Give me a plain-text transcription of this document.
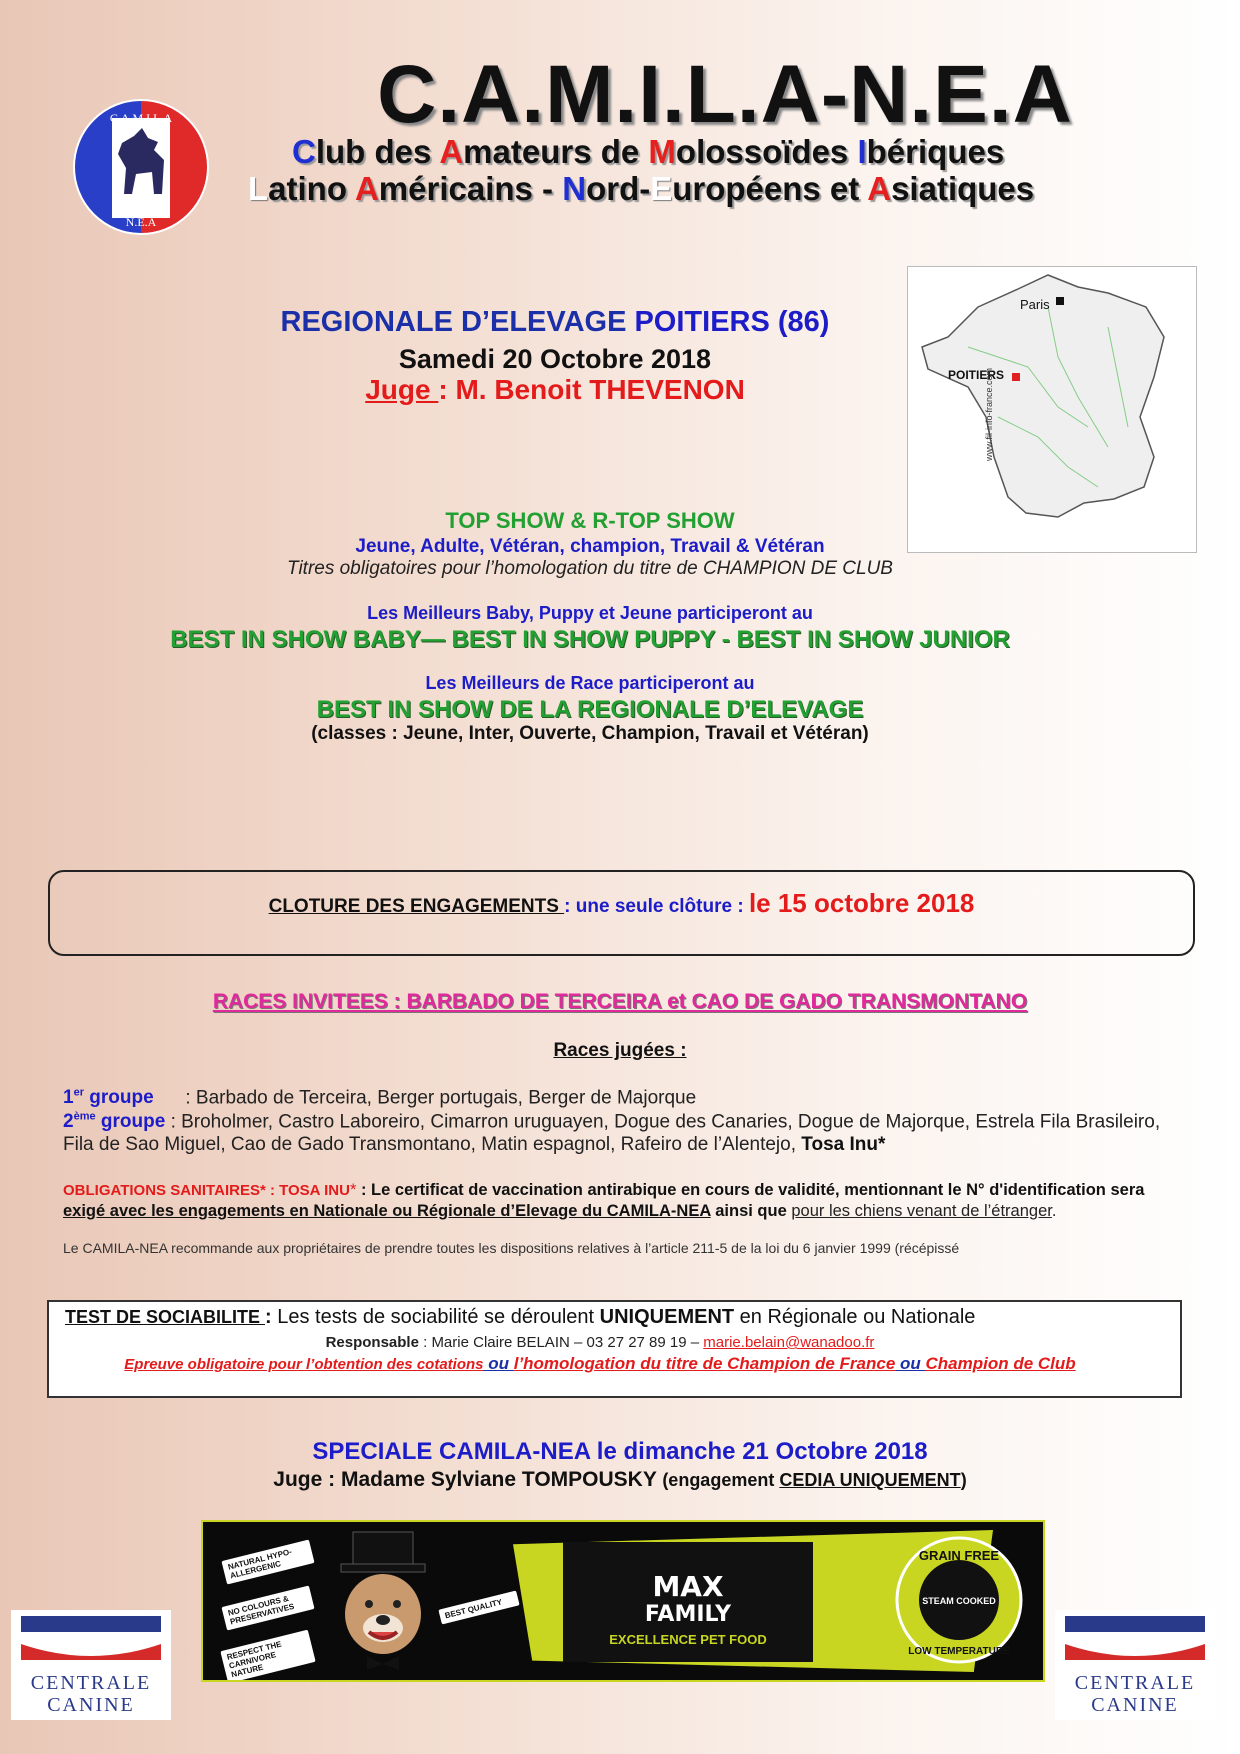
C.A.M.I.L.A
N.E.A
C.A.M.I.L.A-N.E.A
Club des Amateurs de Molossoïdes Ibériques
Latino Américains - Nord-Européens et Asiatiques
Paris
POITIERS
www.fil-info-france.com
REGIONALE D’ELEVAGE POITIERS (86)
Samedi 20 Octobre 2018
Juge : M. Benoit THEVENON
TOP SHOW & R-TOP SHOW
Jeune, Adulte, Vétéran, champion, Travail & Vétéran
Titres obligatoires pour l’homologation du titre de CHAMPION DE CLUB
Les Meilleurs Baby, Puppy et Jeune participeront au
BEST IN SHOW BABY— BEST IN SHOW PUPPY - BEST IN SHOW JUNIOR
Les Meilleurs de Race participeront au
BEST IN SHOW DE LA REGIONALE D’ELEVAGE
(classes : Jeune, Inter, Ouverte, Champion, Travail et Vétéran)
CLOTURE DES ENGAGEMENTS : une seule clôture : le 15 octobre 2018
RACES INVITEES : BARBADO DE TERCEIRA et CAO DE GADO TRANSMONTANO
Races jugées :
1er groupe : Barbado de Terceira, Berger portugais, Berger de Majorque
2ème groupe : Broholmer, Castro Laboreiro, Cimarron uruguayen, Dogue des Canaries, Dogue de Majorque, Estrela Fila Brasileiro, Fila de Sao Miguel, Cao de Gado Transmontano, Matin espagnol, Rafeiro de l’Alentejo, Tosa Inu*
OBLIGATIONS SANITAIRES* : TOSA INU* : Le certificat de vaccination antirabique en cours de validité, mentionnant le N° d'identification sera exigé avec les engagements en Nationale ou Régionale d’Elevage du CAMILA-NEA ainsi que pour les chiens venant de l’étranger.
Le CAMILA-NEA recommande aux propriétaires de prendre toutes les dispositions relatives à l’article 211-5 de la loi du 6 janvier 1999 (récépissé
TEST DE SOCIABILITE : Les tests de sociabilité se déroulent UNIQUEMENT en Régionale ou Nationale
Responsable : Marie Claire BELAIN – 03 27 27 89 19 – marie.belain@wanadoo.fr
Epreuve obligatoire pour l’obtention des cotations ou l’homologation du titre de Champion de France ou Champion de Club
SPECIALE CAMILA-NEA le dimanche 21 Octobre 2018
Juge : Madame Sylviane TOMPOUSKY (engagement CEDIA UNIQUEMENT)
NATURAL HYPO-ALLERGENIC
NO COLOURS & PRESERVATIVES
RESPECT THE CARNIVORE NATURE
BEST QUALITY
MAX
FAMILY
EXCELLENCE PET FOOD
GRAIN FREE
STEAM COOKED
LOW TEMPERATURE
CENTRALE
CANINE
CENTRALE
CANINE
